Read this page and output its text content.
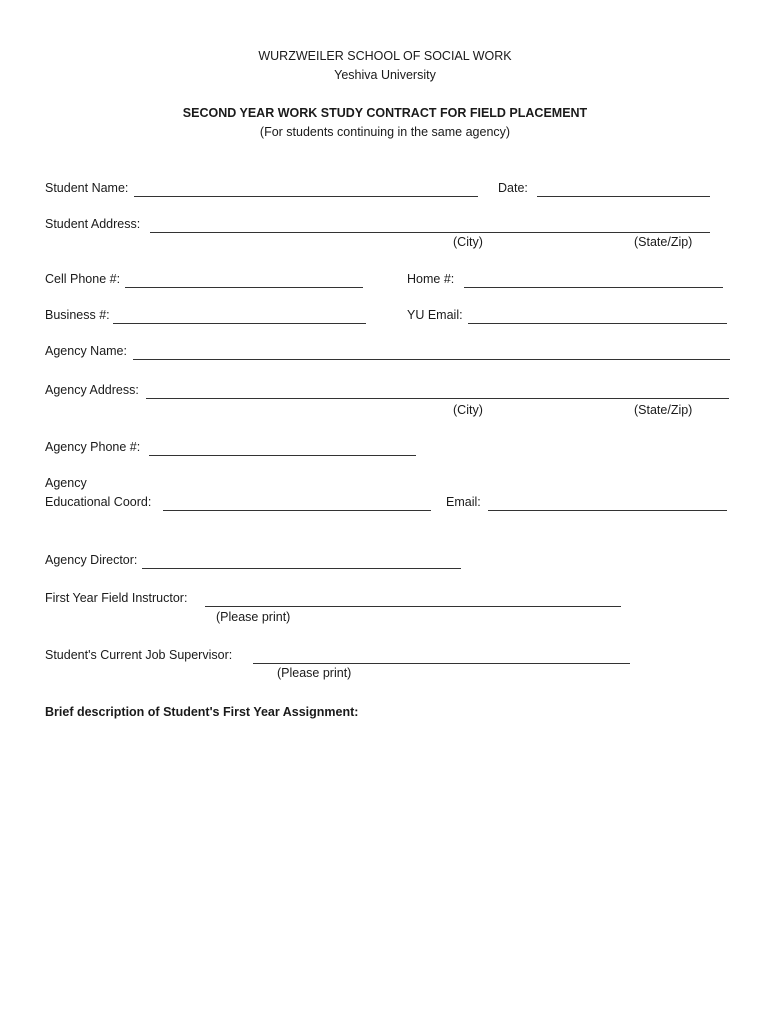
WURZWEILER SCHOOL OF SOCIAL WORK
Yeshiva University
SECOND YEAR WORK STUDY CONTRACT FOR FIELD PLACEMENT
(For students continuing in the same agency)
Student Name:	Date:
Student Address:
(City)	(State/Zip)
Cell Phone #:	Home #:
Business #:	YU Email:
Agency Name:
Agency Address:
(City)	(State/Zip)
Agency Phone #:
Agency
Educational Coord:	Email:
Agency Director:
First Year Field Instructor:
(Please print)
Student's Current Job Supervisor:
(Please print)
Brief description of Student's First Year Assignment:
